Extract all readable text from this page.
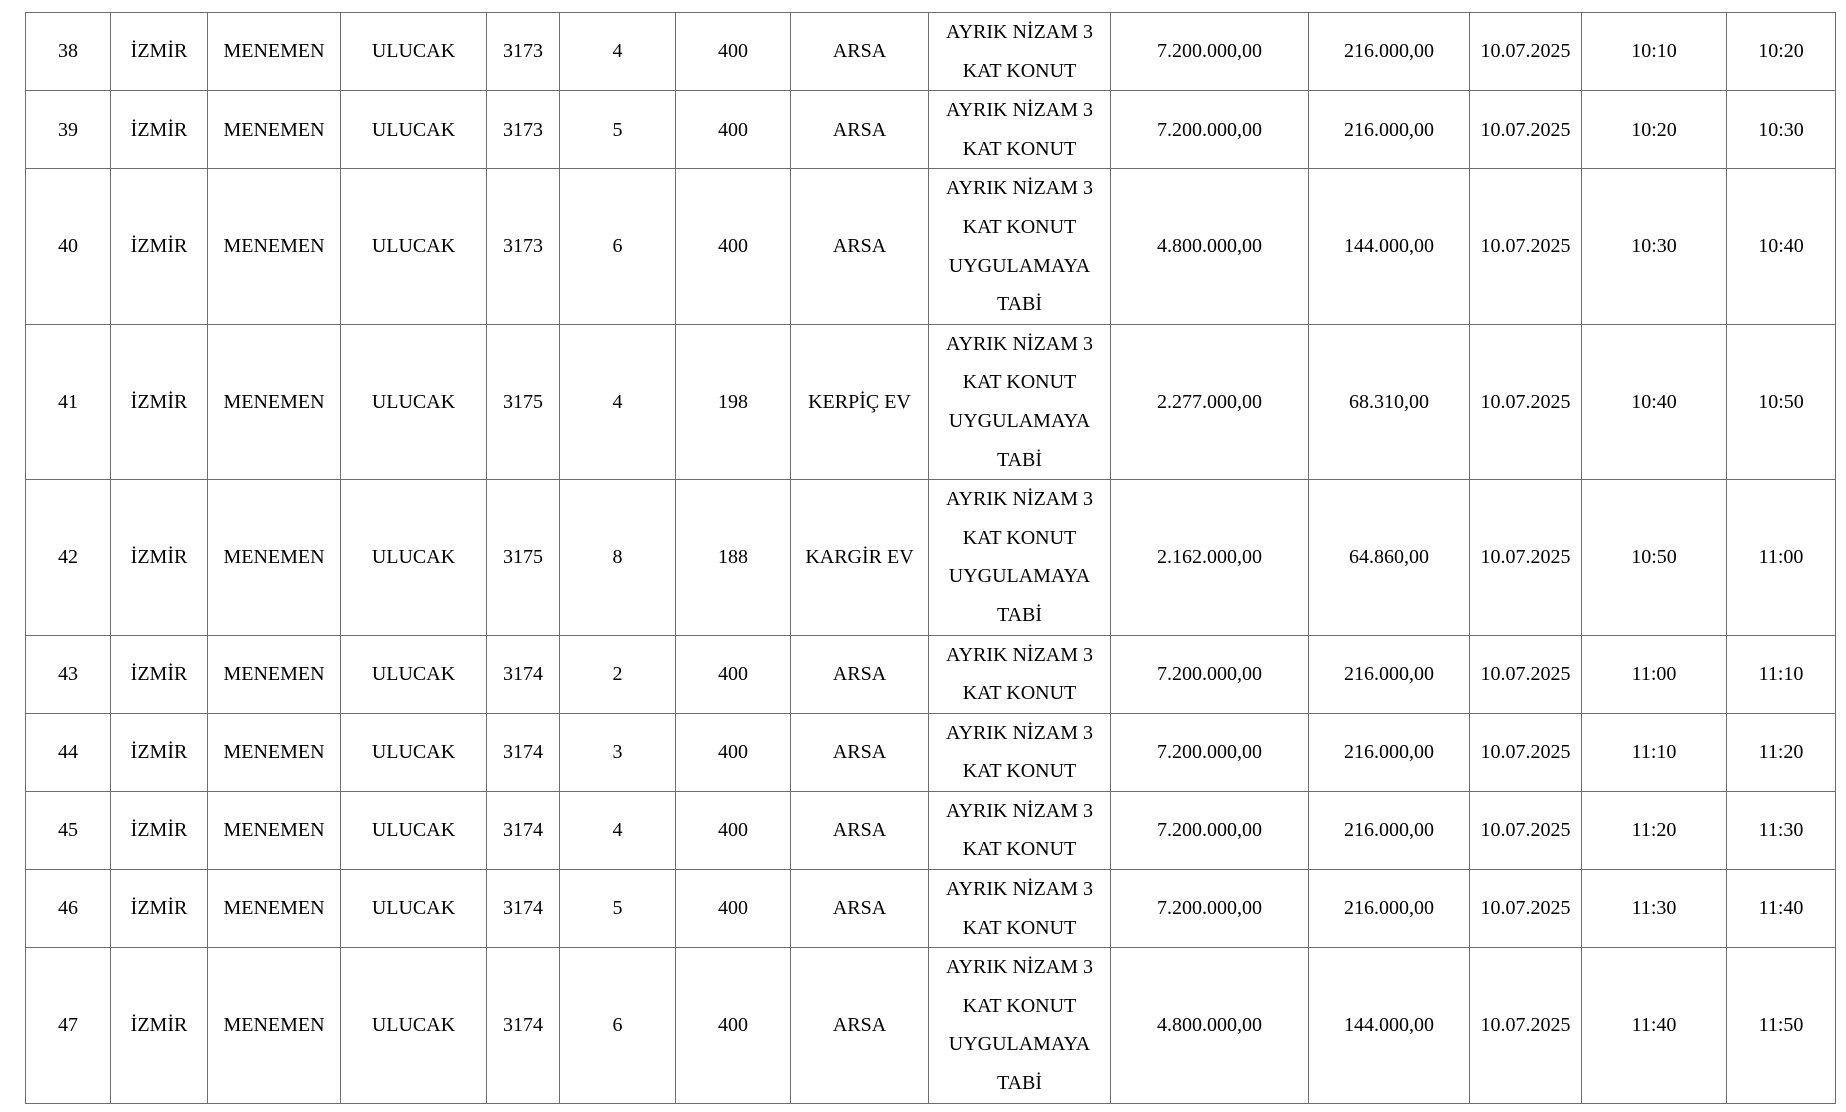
38	İZMİR	MENEMEN	ULUCAK	3173	4	400	ARSA	AYRIK NİZAM 3 KAT KONUT	7.200.000,00	216.000,00	10.07.2025	10:10	10:20
39	İZMİR	MENEMEN	ULUCAK	3173	5	400	ARSA	AYRIK NİZAM 3 KAT KONUT	7.200.000,00	216.000,00	10.07.2025	10:20	10:30
40	İZMİR	MENEMEN	ULUCAK	3173	6	400	ARSA	AYRIK NİZAM 3 KAT KONUT UYGULAMAYA TABİ	4.800.000,00	144.000,00	10.07.2025	10:30	10:40
41	İZMİR	MENEMEN	ULUCAK	3175	4	198	KERPİÇ EV	AYRIK NİZAM 3 KAT KONUT UYGULAMAYA TABİ	2.277.000,00	68.310,00	10.07.2025	10:40	10:50
42	İZMİR	MENEMEN	ULUCAK	3175	8	188	KARGİR EV	AYRIK NİZAM 3 KAT KONUT UYGULAMAYA TABİ	2.162.000,00	64.860,00	10.07.2025	10:50	11:00
43	İZMİR	MENEMEN	ULUCAK	3174	2	400	ARSA	AYRIK NİZAM 3 KAT KONUT	7.200.000,00	216.000,00	10.07.2025	11:00	11:10
44	İZMİR	MENEMEN	ULUCAK	3174	3	400	ARSA	AYRIK NİZAM 3 KAT KONUT	7.200.000,00	216.000,00	10.07.2025	11:10	11:20
45	İZMİR	MENEMEN	ULUCAK	3174	4	400	ARSA	AYRIK NİZAM 3 KAT KONUT	7.200.000,00	216.000,00	10.07.2025	11:20	11:30
46	İZMİR	MENEMEN	ULUCAK	3174	5	400	ARSA	AYRIK NİZAM 3 KAT KONUT	7.200.000,00	216.000,00	10.07.2025	11:30	11:40
47	İZMİR	MENEMEN	ULUCAK	3174	6	400	ARSA	AYRIK NİZAM 3 KAT KONUT UYGULAMAYA TABİ	4.800.000,00	144.000,00	10.07.2025	11:40	11:50
